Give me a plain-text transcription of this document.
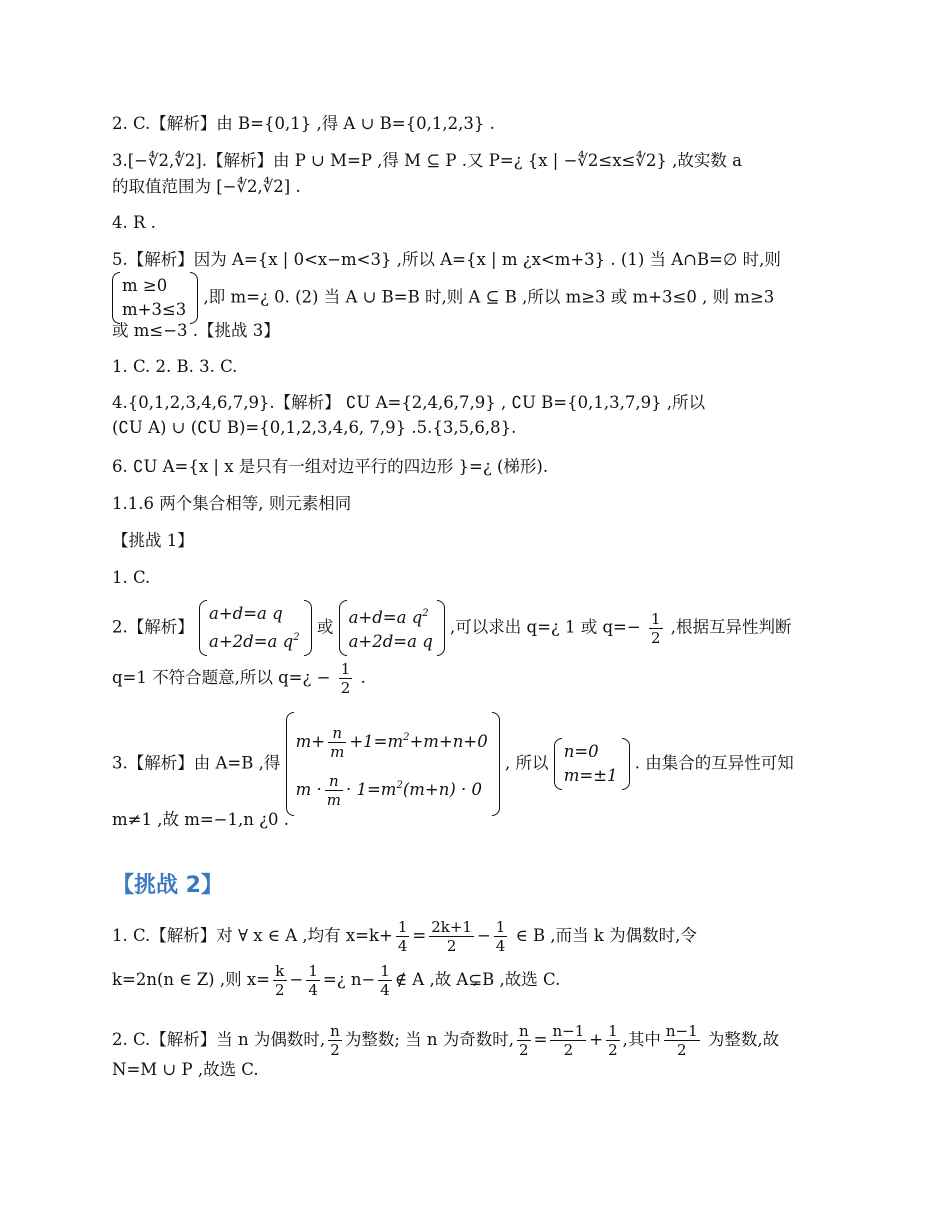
2. C.【解析】由 B={0,1} ,得 A ∪ B={0,1,2,3} .
3.[−∜2,∜2].【解析】由 P ∪ M=P ,得 M ⊆ P .又 P=¿ {x | −∜2≤x≤∜2} ,故实数 a
的取值范围为 [−∜2,∜2] .
4. R .
5.【解析】因为 A={x | 0<x−m<3} ,所以 A={x | m ¿x<m+3} . (1) 当 A∩B=∅ 时,则
m ≥0
m+3≤3
,即 m=¿ 0. (2) 当 A ∪ B=B 时,则 A ⊆ B ,所以 m≥3 或 m+3≤0 , 则 m≥3
或 m≤−3 .【挑战 3】
1. C. 2. B. 3. C.
4.{0,1,2,3,4,6,7,9}.【解析】 ∁U A={2,4,6,7,9} , ∁U B={0,1,3,7,9} ,所以
(∁U A) ∪ (∁U B)={0,1,2,3,4,6, 7,9} .5.{3,5,6,8}.
6. ∁U A={x | x 是只有一组对边平行的四边形 }=¿ (梯形).
1.1.6 两个集合相等, 则元素相同
【挑战 1】
1. C.
2.【解析】
a+d=a q
a+2d=a $q^2$
或 a+d=a $q^2$
a+2d=a q
,可以求出 q=¿ 1 或 $q=- \frac{1}{2}$ ,根据互异性判断
q=1 不符合题意,所以 q=¿ − $\frac{1}{2}$ .
3.【解析】由 A=B ,得
$m+ \frac{n}{m} +1=m^2+m+n+0$
$m \cdot \frac{n}{m} \cdot 1=m^2(m+n) \cdot 0$
, 所以
n=0
m=±1
. 由集合的互异性可知
m≠1 ,故 m=−1,n ¿0 .
【挑战 2】
1. C.【解析】对 ∀ x ∈ A ,均有 $x=k+ \frac{1}{4} = \frac{2k+1}{2} - \frac{1}{4}$ ∈ B ,而当 k 为偶数时,令
k=2n(n ∈ Z) ,则 $x= \frac{k}{2} - \frac{1}{4}$ =¿ $n- \frac{1}{4}$ ∉ A ,故 A⊊B ,故选 C.
2. C.【解析】当 n 为偶数时, $\frac{n}{2}$ 为整数; 当 n 为奇数时, $\frac{n}{2} = \frac{n-1}{2} + \frac{1}{2}$ ,其中 $\frac{n-1}{2}$ 为整数,故
N=M ∪ P ,故选 C.
